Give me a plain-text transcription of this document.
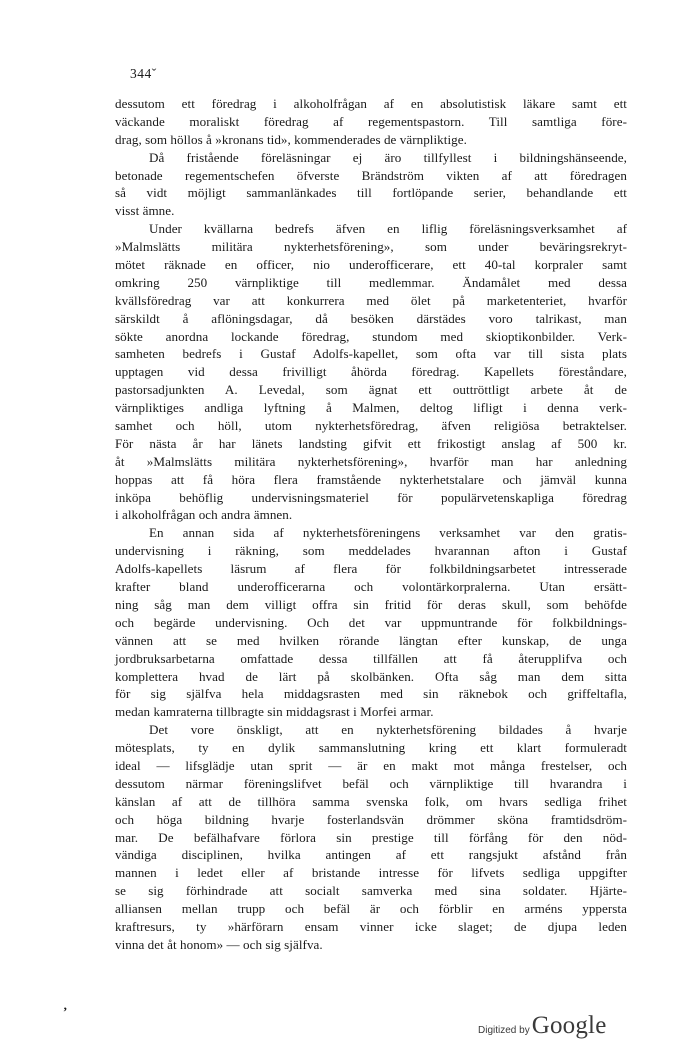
344ˇ
dessutom ett föredrag i alkoholfrågan af en absolutistisk läkare samt ett
väckande moraliskt föredrag af regementspastorn. Till samtliga före-
drag, som höllos å »kronans tid», kommenderades de värnpliktige.
Då fristående föreläsningar ej äro tillfyllest i bildningshänseende,
betonade regementschefen öfverste Brändström vikten af att föredragen
så vidt möjligt sammanlänkades till fortlöpande serier, behandlande ett
visst ämne.
Under kvällarna bedrefs äfven en liflig föreläsningsverksamhet af
»Malmslätts militära nykterhetsförening», som under beväringsrekryt-
mötet räknade en officer, nio underofficerare, ett 40-tal korpraler samt
omkring 250 värnpliktige till medlemmar. Ändamålet med dessa
kvällsföredrag var att konkurrera med ölet på marketenteriet, hvarför
särskildt å aflöningsdagar, då besöken därstädes voro talrikast, man
sökte anordna lockande föredrag, stundom med skioptikonbilder. Verk-
samheten bedrefs i Gustaf Adolfs-kapellet, som ofta var till sista plats
upptagen vid dessa frivilligt åhörda föredrag. Kapellets föreståndare,
pastorsadjunkten A. Levedal, som ägnat ett outtröttligt arbete åt de
värnpliktiges andliga lyftning å Malmen, deltog lifligt i denna verk-
samhet och höll, utom nykterhetsföredrag, äfven religiösa betraktelser.
För nästa år har länets landsting gifvit ett frikostigt anslag af 500 kr.
åt »Malmslätts militära nykterhetsförening», hvarför man har anledning
hoppas att få höra flera framstående nykterhetstalare och jämväl kunna
inköpa behöflig undervisningsmateriel för populärvetenskapliga föredrag
i alkoholfrågan och andra ämnen.
En annan sida af nykterhetsföreningens verksamhet var den gratis-
undervisning i räkning, som meddelades hvarannan afton i Gustaf
Adolfs-kapellets läsrum af flera för folkbildningsarbetet intresserade
krafter bland underofficerarna och volontärkorpralerna. Utan ersätt-
ning såg man dem villigt offra sin fritid för deras skull, som behöfde
och begärde undervisning. Och det var uppmuntrande för folkbildnings-
vännen att se med hvilken rörande längtan efter kunskap, de unga
jordbruksarbetarna omfattade dessa tillfällen att få återupplifva och
komplettera hvad de lärt på skolbänken. Ofta såg man dem sitta
för sig själfva hela middagsrasten med sin räknebok och griffeltafla,
medan kamraterna tillbragte sin middagsrast i Morfei armar.
Det vore önskligt, att en nykterhetsförening bildades å hvarje
mötesplats, ty en dylik sammanslutning kring ett klart formuleradt
ideal — lifsglädje utan sprit — är en makt mot många frestelser, och
dessutom närmar föreningslifvet befäl och värnpliktige till hvarandra i
känslan af att de tillhöra samma svenska folk, om hvars sedliga frihet
och höga bildning hvarje fosterlandsvän drömmer sköna framtidsdröm-
mar. De befälhafvare förlora sin prestige till förfång för den nöd-
vändiga disciplinen, hvilka antingen af ett rangsjukt afstånd från
mannen i ledet eller af bristande intresse för lifvets sedliga uppgifter
se sig förhindrade att socialt samverka med sina soldater. Hjärte-
alliansen mellan trupp och befäl är och förblir en arméns yppersta
kraftresurs, ty »härförarn ensam vinner icke slaget; de djupa leden
vinna det åt honom» — och sig själfva.
ʼ
Digitized by Google
